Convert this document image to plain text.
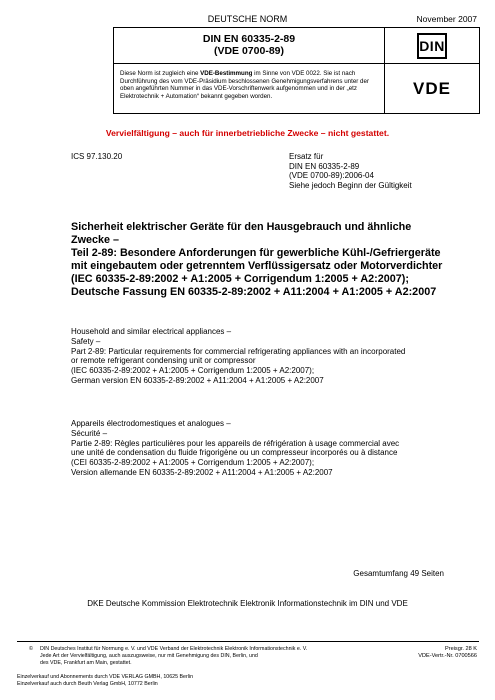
DEUTSCHE NORM	November 2007
DIN EN 60335-2-89
(VDE 0700-89)	DIN
Diese Norm ist zugleich eine VDE-Bestimmung im Sinne von VDE 0022. Sie ist nach Durchführung des vom VDE-Präsidium beschlossenen Genehmigungsverfahrens unter der oben angeführten Nummer in das VDE-Vorschriftenwerk aufgenommen und in der „etz Elektrotechnik + Automation“ bekannt gegeben worden.	VDE
Vervielfältigung – auch für innerbetriebliche Zwecke – nicht gestattet.
ICS 97.130.20	Ersatz für
DIN EN 60335-2-89
(VDE 0700-89):2006-04
Siehe jedoch Beginn der Gültigkeit
Sicherheit elektrischer Geräte für den Hausgebrauch und ähnliche
Zwecke –
Teil 2-89: Besondere Anforderungen für gewerbliche Kühl-/Gefriergeräte
mit eingebautem oder getrenntem Verflüssigersatz oder Motorverdichter
(IEC 60335-2-89:2002 + A1:2005 + Corrigendum 1:2005 + A2:2007);
Deutsche Fassung EN 60335-2-89:2002 + A11:2004 + A1:2005 + A2:2007
Household and similar electrical appliances –
Safety –
Part 2-89: Particular requirements for commercial refrigerating appliances with an incorporated
or remote refrigerant condensing unit or compressor
(IEC 60335-2-89:2002 + A1:2005 + Corrigendum 1:2005 + A2:2007);
German version EN 60335-2-89:2002 + A11:2004 + A1:2005 + A2:2007
Appareils électrodomestiques et analogues –
Sécurité –
Partie 2-89: Règles particulières pour les appareils de réfrigération à usage commercial avec
une unité de condensation du fluide frigorigène ou un compresseur incorporés ou à distance
(CEI 60335-2-89:2002 + A1:2005 + Corrigendum 1:2005 + A2:2007);
Version allemande EN 60335-2-89:2002 + A11:2004 + A1:2005 + A2:2007
Gesamtumfang 49 Seiten
DKE Deutsche Kommission Elektrotechnik Elektronik Informationstechnik im DIN und VDE
© DIN Deutsches Institut für Normung e. V. und VDE Verband der Elektrotechnik Elektronik Informationstechnik e. V.
Jede Art der Vervielfältigung, auch auszugsweise, nur mit Genehmigung des DIN, Berlin, und
des VDE, Frankfurt am Main, gestattet.
Preisgr. 28 K
VDE-Vertr.-Nr. 0700566
Einzelverkauf und Abonnements durch VDE VERLAG GMBH, 10625 Berlin
Einzelverkauf auch durch Beuth Verlag GmbH, 10772 Berlin
